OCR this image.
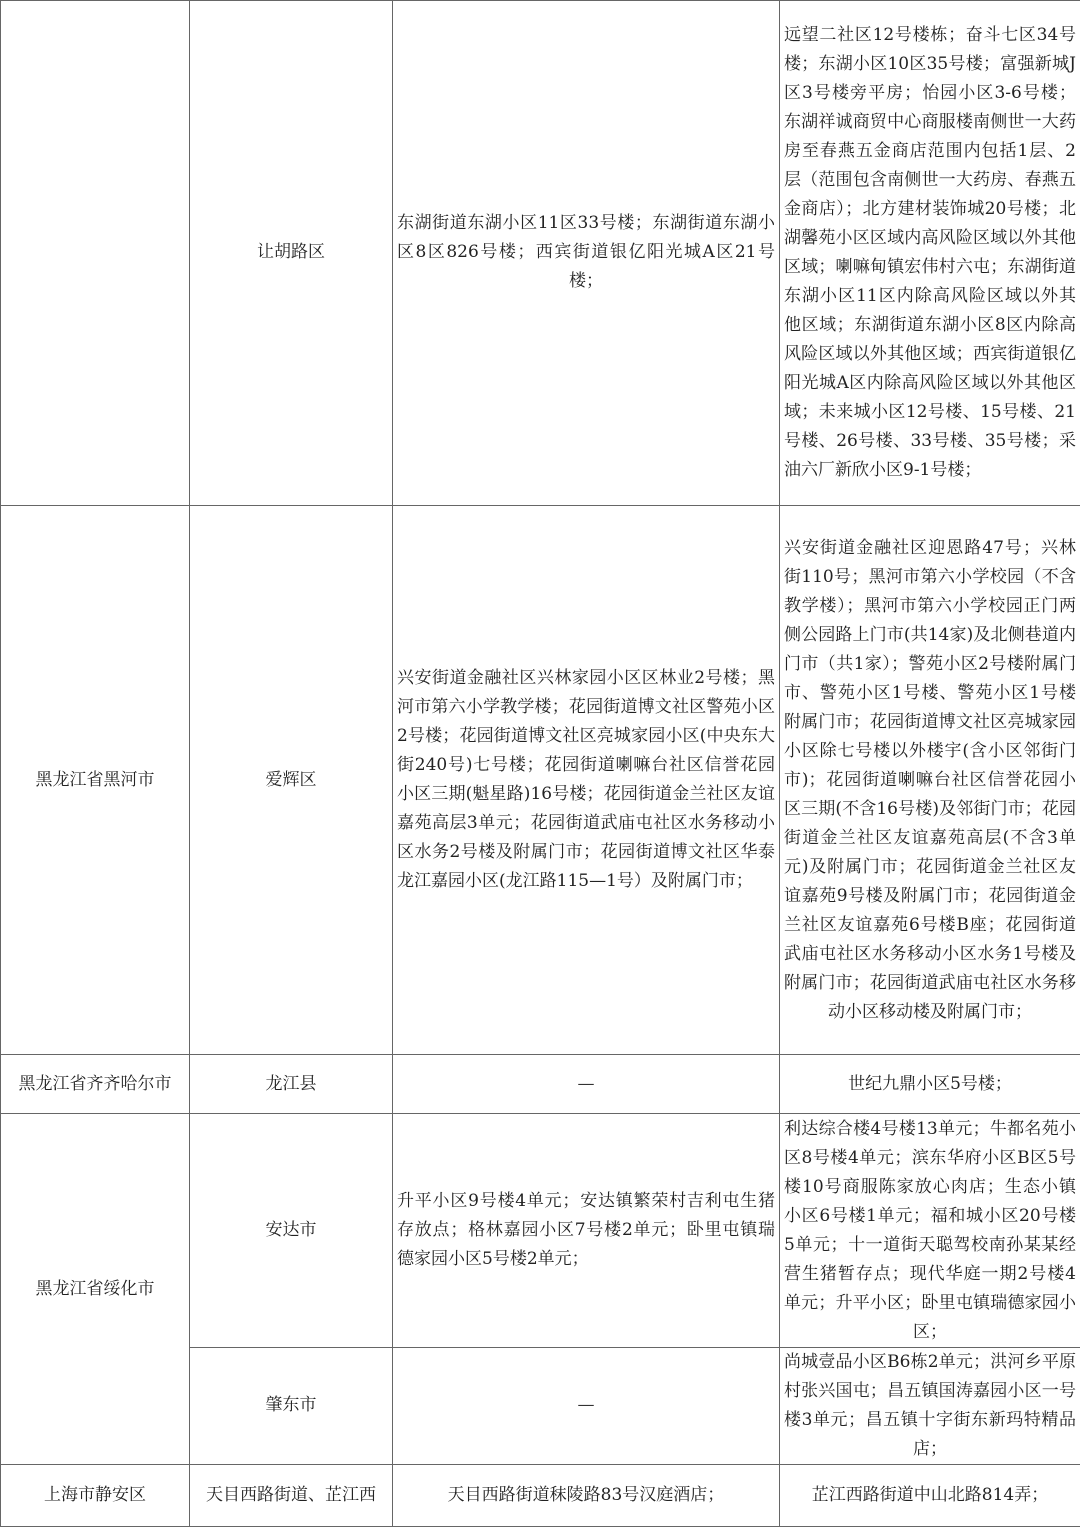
	让胡路区	东湖街道东湖小区11区33号楼；东湖街道东湖小区8区826号楼；西宾街道银亿阳光城A区21号楼；	远望二社区12号楼栋；奋斗七区34号楼；东湖小区10区35号楼；富强新城J区3号楼旁平房；怡园小区3-6号楼；东湖祥诚商贸中心商服楼南侧世一大药房至春燕五金商店范围内包括1层、2层（范围包含南侧世一大药房、春燕五金商店）；北方建材装饰城20号楼；北湖馨苑小区区域内高风险区域以外其他区域；喇嘛甸镇宏伟村六屯；东湖街道东湖小区11区内除高风险区域以外其他区域；东湖街道东湖小区8区内除高风险区域以外其他区域；西宾街道银亿阳光城A区内除高风险区域以外其他区域；未来城小区12号楼、15号楼、21号楼、26号楼、33号楼、35号楼；采油六厂新欣小区9-1号楼；
黑龙江省黑河市	爱辉区	兴安街道金融社区兴林家园小区区林业2号楼；黑河市第六小学教学楼；花园街道博文社区警苑小区2号楼；花园街道博文社区亮城家园小区(中央东大街240号)七号楼；花园街道喇嘛台社区信誉花园小区三期(魁星路)16号楼；花园街道金兰社区友谊嘉苑高层3单元；花园街道武庙屯社区水务移动小区水务2号楼及附属门市；花园街道博文社区华泰龙江嘉园小区(龙江路115—1号）及附属门市；	兴安街道金融社区迎恩路47号；兴林街110号；黑河市第六小学校园（不含教学楼）；黑河市第六小学校园正门两侧公园路上门市(共14家)及北侧巷道内门市（共1家）；警苑小区2号楼附属门市、警苑小区1号楼、警苑小区1号楼附属门市；花园街道博文社区亮城家园小区除七号楼以外楼宇(含小区邻街门市)；花园街道喇嘛台社区信誉花园小区三期(不含16号楼)及邻街门市；花园街道金兰社区友谊嘉苑高层(不含3单元)及附属门市；花园街道金兰社区友谊嘉苑9号楼及附属门市；花园街道金兰社区友谊嘉苑6号楼B座；花园街道武庙屯社区水务移动小区水务1号楼及附属门市；花园街道武庙屯社区水务移动小区移动楼及附属门市；
黑龙江省齐齐哈尔市	龙江县	—	世纪九鼎小区5号楼；
黑龙江省绥化市	安达市	升平小区9号楼4单元；安达镇繁荣村吉利屯生猪存放点；格林嘉园小区7号楼2单元；卧里屯镇瑞德家园小区5号楼2单元；	利达综合楼4号楼13单元；牛都名苑小区8号楼4单元；滨东华府小区B区5号楼10号商服陈家放心肉店；生态小镇小区6号楼1单元；福和城小区20号楼5单元；十一道街天聪驾校南孙某某经营生猪暂存点；现代华庭一期2号楼4单元；升平小区；卧里屯镇瑞德家园小区；
	肇东市	—	尚城壹品小区B6栋2单元；洪河乡平原村张兴国屯；昌五镇国涛嘉园小区一号楼3单元；昌五镇十字街东新玛特精品店；
上海市静安区	天目西路街道、芷江西	天目西路街道秣陵路83号汉庭酒店；	芷江西路街道中山北路814弄；
